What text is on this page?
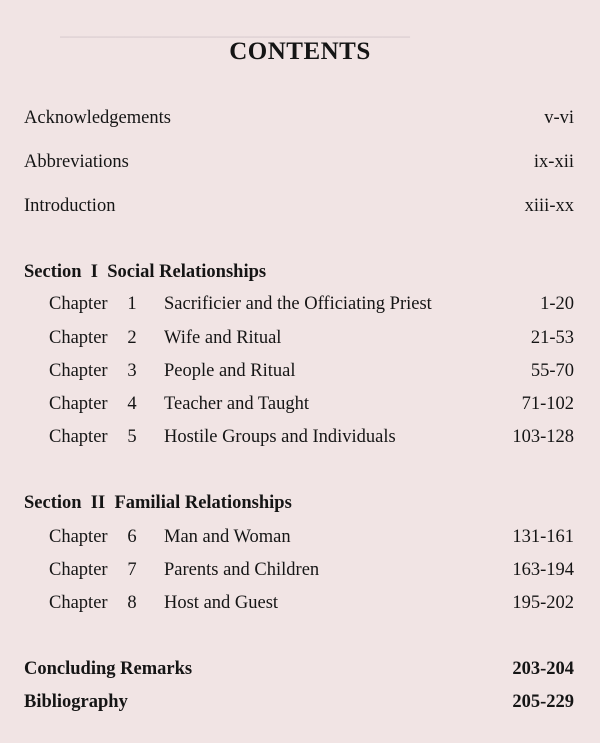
──────────────────────────────────────
CONTENTS
Acknowledgements	v-vi
Abbreviations	ix-xii
Introduction	xiii-xx
Section  I  Social Relationships
Chapter 1 Sacrificier and the Officiating Priest	1-20
Chapter 2 Wife and Ritual	21-53
Chapter 3 People and Ritual	55-70
Chapter 4 Teacher and Taught	71-102
Chapter 5 Hostile Groups and Individuals	103-128
Section  II  Familial Relationships
Chapter 6 Man and Woman	131-161
Chapter 7 Parents and Children	163-194
Chapter 8 Host and Guest	195-202
Concluding Remarks	203-204
Bibliography	205-229
